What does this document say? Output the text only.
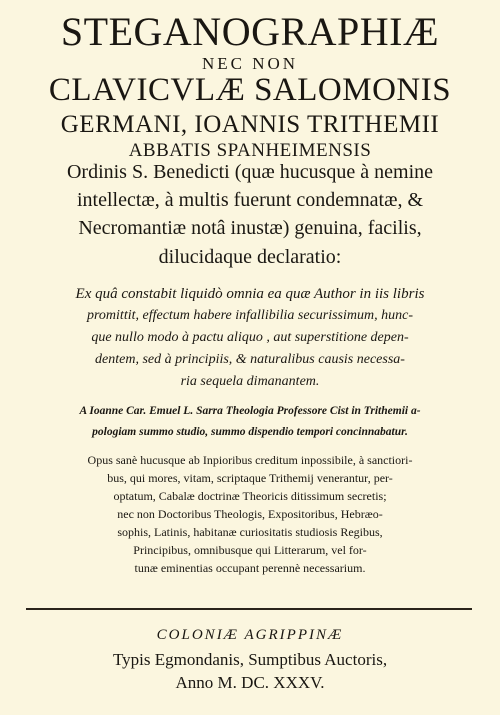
STEGANOGRAPHIÆ
NEC NON
CLAVICVLÆ SALOMONIS
GERMANI, IOANNIS TRITHEMII
ABBATIS SPANHEIMENSIS
Ordinis S. Benedicti (quæ hucusque à nemine
intellectæ, à multis fuerunt condemnatæ, &
Necromantiæ notâ inustæ) genuina, facilis,
dilucidaque declaratio:
Ex quâ constabit liquidò omnia ea quæ Author in iis libris
promittit, effectum habere infallibilia securissimum, hunc-
que nullo modo à pactu aliquo , aut superstitione depen-
dentem, sed à principiis, & naturalibus causis necessa-
ria sequela dimanantem.
A Ioanne Car. Emuel L. Sarra Theologia Professore Cist in Trithemii a-
pologiam summo studio, summo dispendio tempori concinnabatur.
Opus sanè hucusque ab Inpioribus creditum inpossibile, à sanctiori-
bus, qui mores, vitam, scriptaque Trithemij venerantur, per-
optatum, Cabalæ doctrinæ Theoricis ditissimum secretis;
nec non Doctoribus Theologis, Expositoribus, Hebræo-
sophis, Latinis, habitanæ curiositatis studiosis Regibus,
Principibus, omnibusque qui Litterarum, vel for-
tunæ eminentias occupant perennè necessarium.
COLONIÆ AGRIPPINÆ
Typis Egmondanis, Sumptibus Auctoris,
Anno M. DC. XXXV.
